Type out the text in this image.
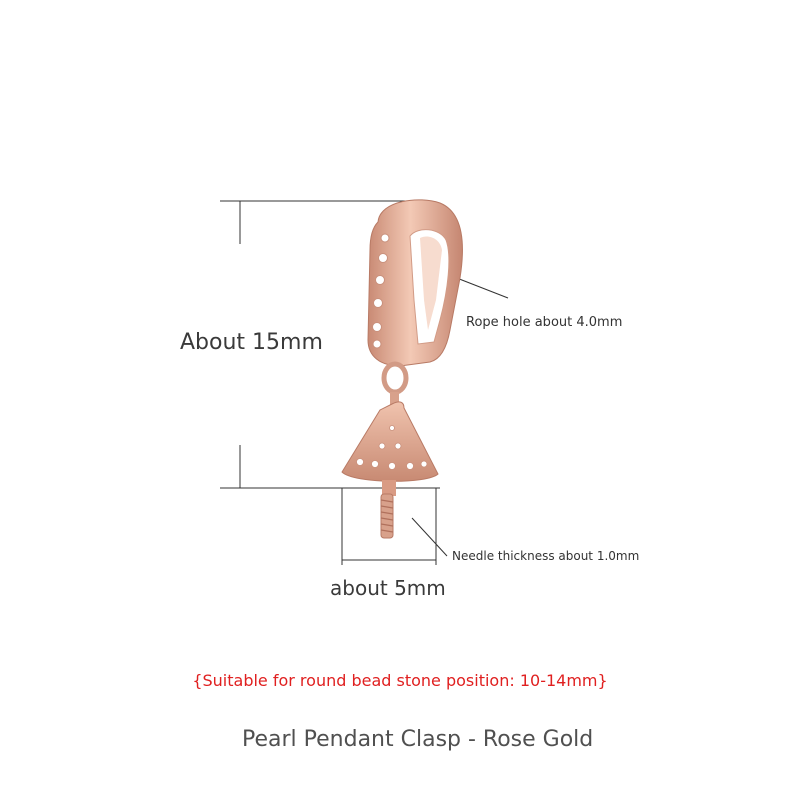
About 15mm
Rope hole about 4.0mm
Needle thickness about 1.0mm
about 5mm
{Suitable for round bead stone position: 10-14mm}
Pearl Pendant Clasp - Rose Gold
